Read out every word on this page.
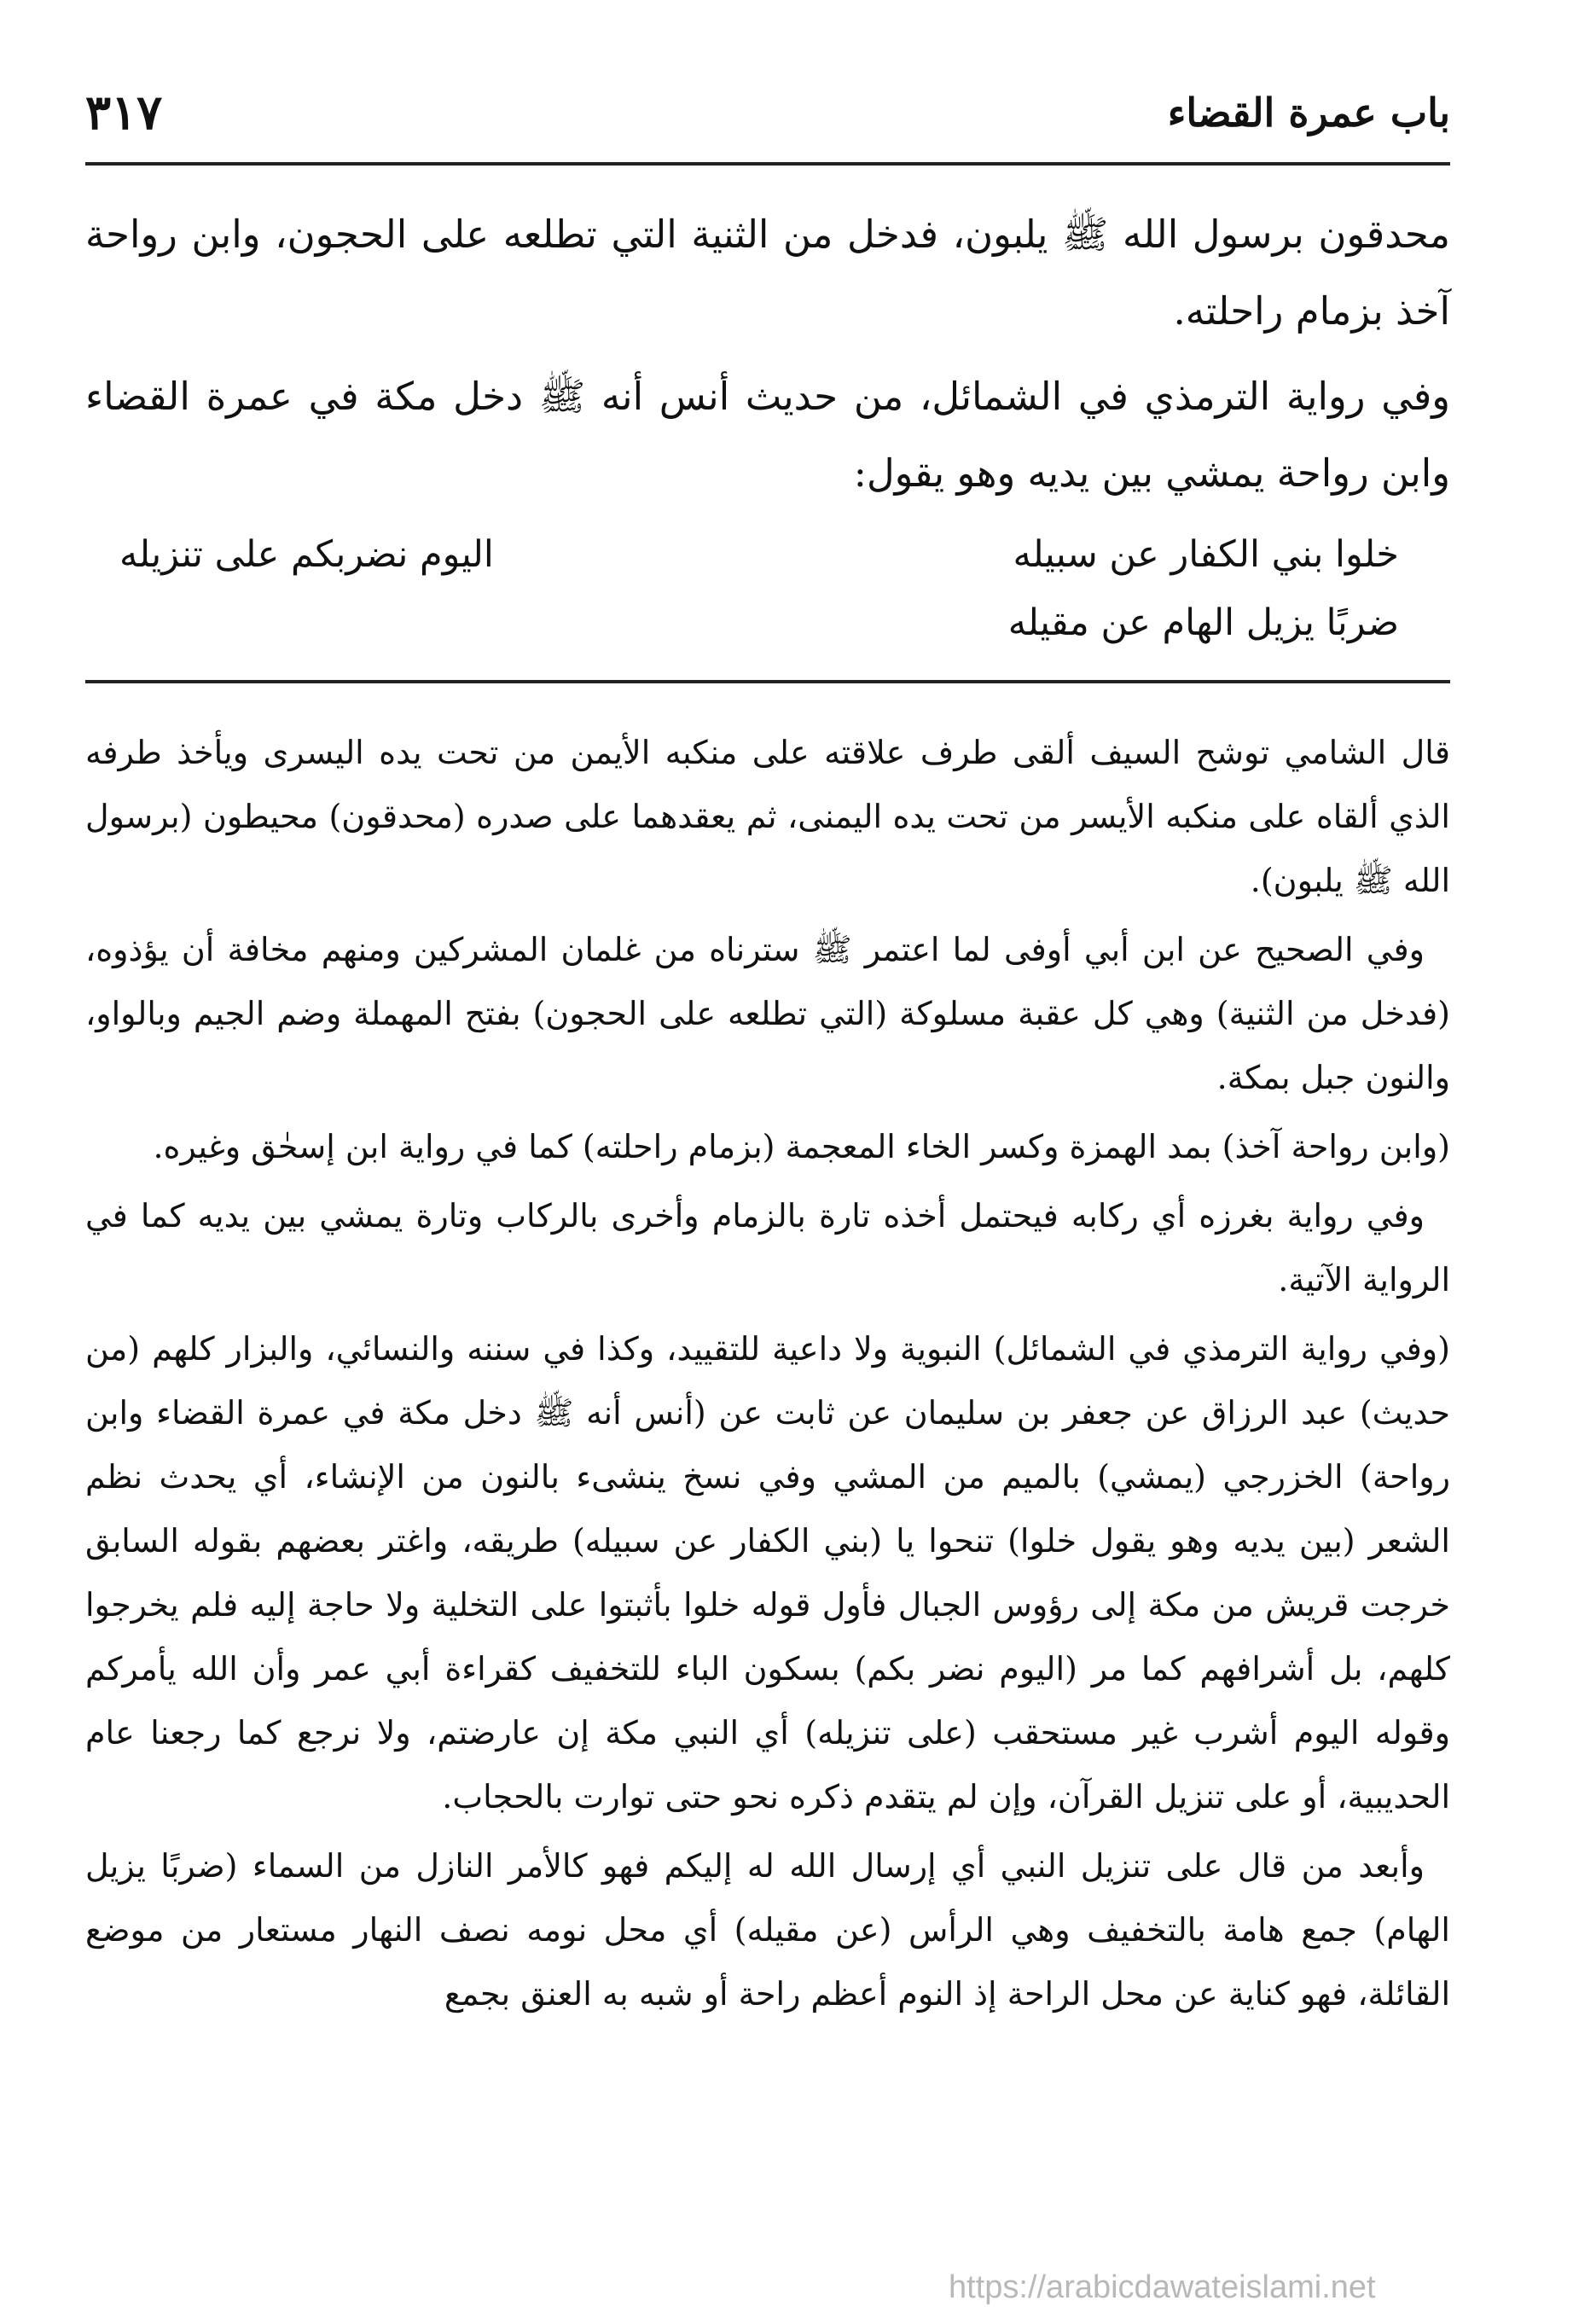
باب عمرة القضاء
٣١٧

محدقون برسول الله ﷺ يلبون، فدخل من الثنية التي تطلعه على الحجون، وابن رواحة آخذ بزمام راحلته.

وفي رواية الترمذي في الشمائل، من حديث أنس أنه ﷺ دخل مكة في عمرة القضاء وابن رواحة يمشي بين يديه وهو يقول:

خلوا بني الكفار عن سبيله
اليوم نضربكم على تنزيله
ضربًا يزيل الهام عن مقيله

قال الشامي توشح السيف ألقى طرف علاقته على منكبه الأيمن من تحت يده اليسرى ويأخذ طرفه الذي ألقاه على منكبه الأيسر من تحت يده اليمنى، ثم يعقدهما على صدره (محدقون) محيطون (برسول الله ﷺ يلبون).

وفي الصحيح عن ابن أبي أوفى لما اعتمر ﷺ سترناه من غلمان المشركين ومنهم مخافة أن يؤذوه، (فدخل من الثنية) وهي كل عقبة مسلوكة (التي تطلعه على الحجون) بفتح المهملة وضم الجيم وبالواو، والنون جبل بمكة.

(وابن رواحة آخذ) بمد الهمزة وكسر الخاء المعجمة (بزمام راحلته) كما في رواية ابن إسحٰق وغيره.

وفي رواية بغرزه أي ركابه فيحتمل أخذه تارة بالزمام وأخرى بالركاب وتارة يمشي بين يديه كما في الرواية الآتية.

(وفي رواية الترمذي في الشمائل) النبوية ولا داعية للتقييد، وكذا في سننه والنسائي، والبزار كلهم (من حديث) عبد الرزاق عن جعفر بن سليمان عن ثابت عن (أنس أنه ﷺ دخل مكة في عمرة القضاء وابن رواحة) الخزرجي (يمشي) بالميم من المشي وفي نسخ ينشىء بالنون من الإنشاء، أي يحدث نظم الشعر (بين يديه وهو يقول خلوا) تنحوا يا (بني الكفار عن سبيله) طريقه، واغتر بعضهم بقوله السابق خرجت قريش من مكة إلى رؤوس الجبال فأول قوله خلوا بأثبتوا على التخلية ولا حاجة إليه فلم يخرجوا كلهم، بل أشرافهم كما مر (اليوم نضر بكم) بسكون الباء للتخفيف كقراءة أبي عمر وأن الله يأمركم وقوله اليوم أشرب غير مستحقب (على تنزيله) أي النبي مكة إن عارضتم، ولا نرجع كما رجعنا عام الحديبية، أو على تنزيل القرآن، وإن لم يتقدم ذكره نحو حتى توارت بالحجاب.

وأبعد من قال على تنزيل النبي أي إرسال الله له إليكم فهو كالأمر النازل من السماء (ضربًا يزيل الهام) جمع هامة بالتخفيف وهي الرأس (عن مقيله) أي محل نومه نصف النهار مستعار من موضع القائلة، فهو كناية عن محل الراحة إذ النوم أعظم راحة أو شبه به العنق بجمع

https://arabicdawateislami.net
